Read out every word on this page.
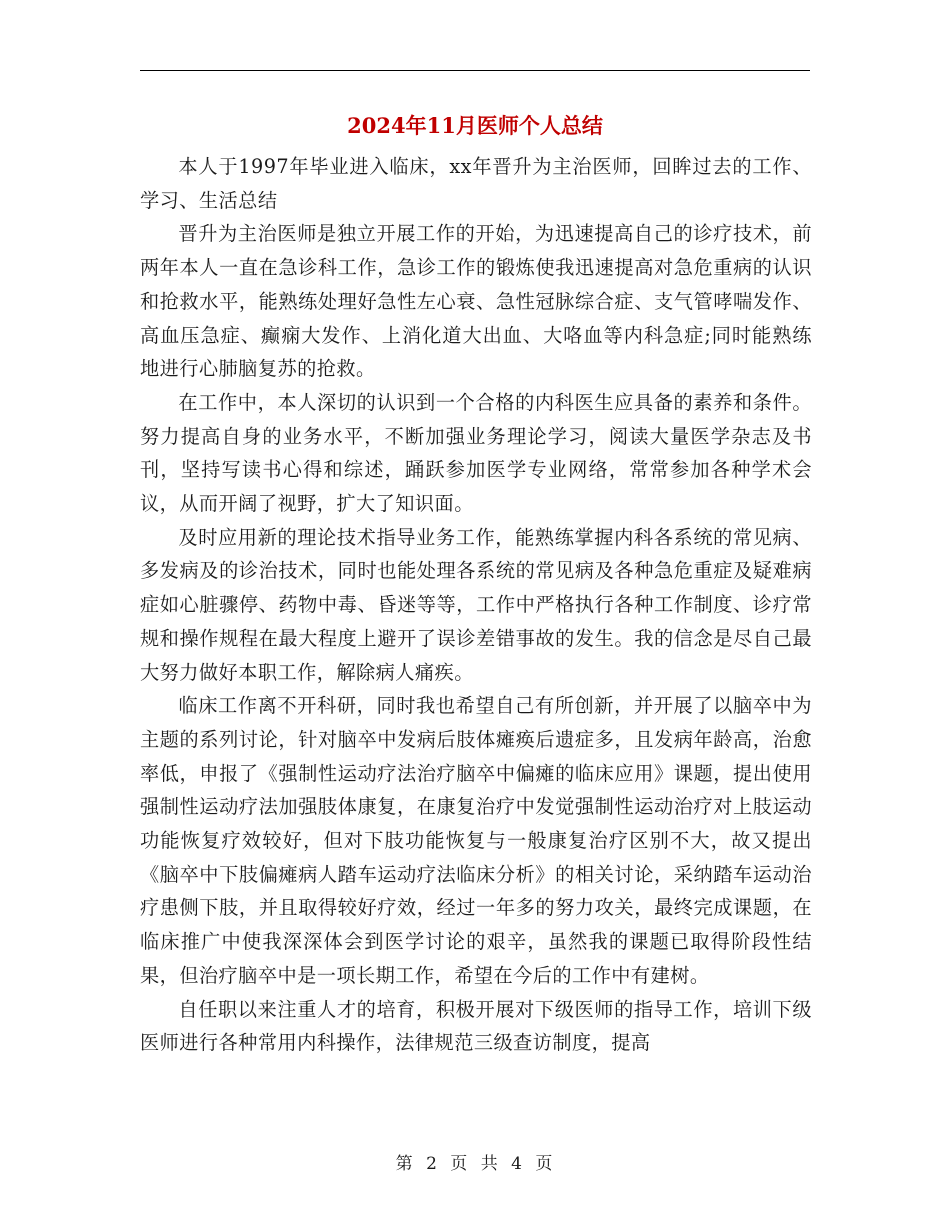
2024年11月医师个人总结

本人于1997年毕业进入临床，xx年晋升为主治医师，回眸过去的工作、学习、生活总结

晋升为主治医师是独立开展工作的开始，为迅速提高自己的诊疗技术，前两年本人一直在急诊科工作，急诊工作的锻炼使我迅速提高对急危重病的认识和抢救水平，能熟练处理好急性左心衰、急性冠脉综合症、支气管哮喘发作、高血压急症、癫痫大发作、上消化道大出血、大咯血等内科急症;同时能熟练地进行心肺脑复苏的抢救。

在工作中，本人深切的认识到一个合格的内科医生应具备的素养和条件。努力提高自身的业务水平，不断加强业务理论学习，阅读大量医学杂志及书刊，坚持写读书心得和综述，踊跃参加医学专业网络，常常参加各种学术会议，从而开阔了视野，扩大了知识面。

及时应用新的理论技术指导业务工作，能熟练掌握内科各系统的常见病、多发病及的诊治技术，同时也能处理各系统的常见病及各种急危重症及疑难病症如心脏骤停、药物中毒、昏迷等等，工作中严格执行各种工作制度、诊疗常规和操作规程在最大程度上避开了误诊差错事故的发生。我的信念是尽自己最大努力做好本职工作，解除病人痛疾。

临床工作离不开科研，同时我也希望自己有所创新，并开展了以脑卒中为主题的系列讨论，针对脑卒中发病后肢体瘫痪后遗症多，且发病年龄高，治愈率低，申报了《强制性运动疗法治疗脑卒中偏瘫的临床应用》课题，提出使用强制性运动疗法加强肢体康复，在康复治疗中发觉强制性运动治疗对上肢运动功能恢复疗效较好，但对下肢功能恢复与一般康复治疗区别不大，故又提出《脑卒中下肢偏瘫病人踏车运动疗法临床分析》的相关讨论，采纳踏车运动治疗患侧下肢，并且取得较好疗效，经过一年多的努力攻关，最终完成课题，在临床推广中使我深深体会到医学讨论的艰辛，虽然我的课题已取得阶段性结果，但治疗脑卒中是一项长期工作，希望在今后的工作中有建树。

自任职以来注重人才的培育，积极开展对下级医师的指导工作，培训下级医师进行各种常用内科操作，法律规范三级查访制度，提高

第 2 页 共 4 页
